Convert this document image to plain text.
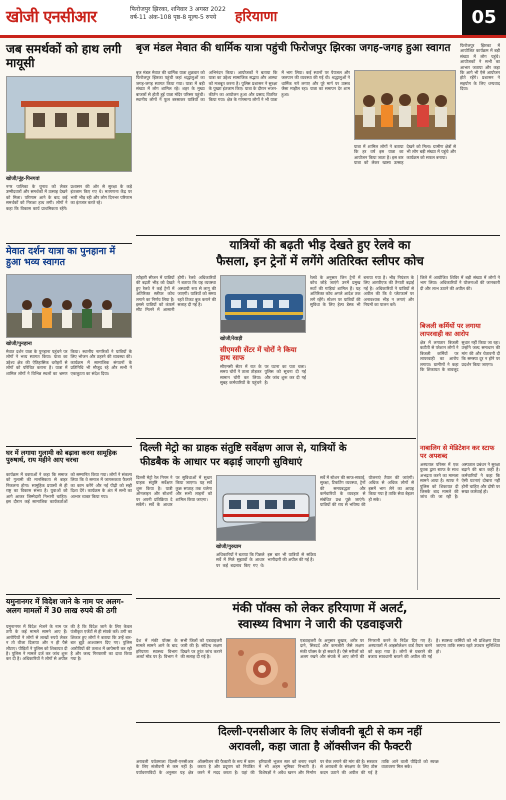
खोजी एनसीआर	फिरोजपुर झिरका, शनिवार 3 अगस्त 2022
वर्ष-11 अंक-108 पृष्ठ-8 मूल्य-5 रुपये	हरियाणा	05
जब समर्थकों को हाथ लगी मायूसी
खोजी/नूंह-पिनगवां
नगर पालिका के चुनाव को लेकर उम्मीदवारों और समर्थकों में उत्साह देखने को मिला। परिणाम आने के बाद कई समर्थकों को निराशा हाथ लगी। लोगों ने कहा कि विकास कार्य प्राथमिकता रहेंगे। प्रशासन की ओर से सुरक्षा के कड़े इंतजाम किए गए थे। मतगणना केंद्र पर भारी भीड़ रही और लोग दिनभर परिणाम का इंतजार करते रहे।
बृज मंडल मेवात की धार्मिक यात्रा पहुंची फिरोजपुर झिरका जगह-जगह हुआ स्वागत
बृज मंडल मेवात की धार्मिक यात्रा शुक्रवार को फिरोजपुर झिरका पहुंची जहां श्रद्धालुओं का जगह-जगह स्वागत किया गया। यात्रा में बड़ी संख्या में लोग शामिल रहे। शहर के मुख्य बाजारों से होती हुई यात्रा मंदिर परिसर पहुंची। स्थानीय लोगों ने फूल बरसाकर यात्रियों का अभिनंदन किया। आयोजकों ने बताया कि यात्रा का उद्देश्य सामाजिक सद्भाव और आस्था को मजबूत करना है। पुलिस प्रशासन ने सुरक्षा के पुख्ता इंतजाम किए। यात्रा के दौरान भजन-कीर्तन का आयोजन हुआ और प्रसाद वितरित किया गया। क्षेत्र के गणमान्य लोगों ने भी यात्रा में भाग लिया। कई स्थानों पर पेयजल और जलपान की व्यवस्था की गई थी। श्रद्धालुओं ने धार्मिक नारे लगाए और पूरे मार्ग पर उत्सव जैसा माहौल रहा। यात्रा का समापन देर शाम हुआ।
यात्रा में शामिल लोगों ने बताया कि हर वर्ष इस यात्रा का आयोजन किया जाता है। इस बार यात्रा को लेकर खासा उत्साह देखने को मिला। ग्रामीण क्षेत्रों से भी लोग बड़ी संख्या में पहुंचे और कार्यक्रम को सफल बनाया।
फिरोजपुर झिरका में आयोजित कार्यक्रम में बड़ी संख्या में लोग पहुंचे। आयोजकों ने सभी का आभार जताया और कहा कि आगे भी ऐसे आयोजन होते रहेंगे। प्रशासन ने सहयोग के लिए धन्यवाद दिया।
मेवात दर्शन यात्रा का पुनहाना में हुआ भव्य स्वागत
खोजी/पुनहाना
मेवात दर्शन यात्रा के पुनहाना पहुंचने पर लोगों ने भव्य स्वागत किया। यात्रा का उद्देश्य क्षेत्र की ऐतिहासिक धरोहरों से लोगों को परिचित कराना है। यात्रा में शामिल लोगों ने विभिन्न स्थलों का भ्रमण किया। स्थानीय नागरिकों ने यात्रियों के लिए भोजन और ठहरने की व्यवस्था की। कार्यक्रम में सामाजिक संगठनों के प्रतिनिधि भी मौजूद रहे और सभी ने एकजुटता का संदेश दिया।
यात्रियों की बढ़ती भीड़ देखते हुए रेलवे का
फैसला, इन ट्रेनों में लगेंगे अतिरिक्त स्लीपर कोच
त्योहारी सीजन में यात्रियों की बढ़ती भीड़ को देखते हुए रेलवे ने कई ट्रेनों में अतिरिक्त स्लीपर कोच लगाने का निर्णय लिया है। इससे यात्रियों को कंफर्म सीट मिलने में आसानी होगी। रेलवे अधिकारियों ने बताया कि यह व्यवस्था अस्थायी रूप से लागू की जाएगी। यात्रियों को समय रहते टिकट बुक कराने की सलाह दी गई है।
खोजी/रेवाड़ी
सीएमसी सेंटर में चोरों ने किया हाथ साफ
सीएमसी सेंटर में रात के समय चोरों ने ताला तोड़कर सामान चोरी कर लिया। सुबह कर्मचारियों के पहुंचने पर घटना का पता चला। पुलिस को सूचना दी गई और जांच शुरू कर दी गई है।
रेलवे के अनुसार जिन ट्रेनों में कोच जोड़े जाएंगे उनमें प्रमुख रूटों की गाड़ियां शामिल हैं। यह अतिरिक्त कोच अगले आदेश तक लगे रहेंगे। स्टेशन पर यात्रियों की सुविधा के लिए हेल्प डेस्क भी बनाया गया है। भीड़ नियंत्रण के लिए आरपीएफ की तैनाती बढ़ाई गई है। अधिकारियों ने यात्रियों से अपील की कि वे प्लेटफार्म पर अनावश्यक भीड़ न लगाएं और नियमों का पालन करें।
जिले में आयोजित शिविर में बड़ी संख्या में लोगों ने भाग लिया। अधिकारियों ने योजनाओं की जानकारी दी और लाभ उठाने की अपील की।
बिजली कर्मियों पर लगाया लापरवाही का आरोप
क्षेत्र में लगातार बिजली कटौती से परेशान लोगों ने बिजली कर्मियों पर लापरवाही का आरोप लगाया। ग्रामीणों ने कहा कि शिकायत के बावजूद सुधार नहीं किया जा रहा। उन्होंने जल्द समाधान की मांग की और चेतावनी दी कि समस्या दूर न होने पर प्रदर्शन किया जाएगा।
नाबालिग से मेडिटेशन कर स्टाफ पर अपशब्द
अस्पताल परिसर में एक युवक द्वारा स्टाफ के साथ अभद्रता करने का मामला सामने आया है। स्टाफ ने पुलिस को शिकायत दी जिसके बाद मामले की जांच की जा रही है। अस्पताल प्रबंधन ने सुरक्षा बढ़ाने की बात कही है। कर्मचारियों ने कहा कि ऐसी घटनाएं दोबारा नहीं होनी चाहिए और दोषी पर सख्त कार्रवाई हो।
दिल्ली मेट्रो का ग्राहक संतुष्टि सर्वेक्षण आज से, यात्रियों के
फीडबैक के आधार पर बढ़ाई जाएगी सुविधाएं
दिल्ली मेट्रो रेल निगम ने ग्राहक संतुष्टि सर्वेक्षण शुरू किया है। यात्री ऑनलाइन और स्टेशनों पर अपनी प्रतिक्रिया दे सकेंगे। सर्वे के आधार पर सुविधाओं में सुधार किया जाएगा। यह सर्वे कुछ सप्ताह तक चलेगा और सभी लाइनों को शामिल किया जाएगा।
खोजी/गुरुग्राम
अधिकारियों ने बताया कि पिछले सर्वे में मिले सुझावों के आधार पर कई बदलाव किए गए थे। इस बार भी यात्रियों से सक्रिय भागीदारी की अपील की गई है।
सर्वे में स्टेशन की साफ-सफाई, सुरक्षा, टिकटिंग व्यवस्था, ट्रेनों की समयबद्धता और कर्मचारियों के व्यवहार से संबंधित प्रश्न पूछे जाएंगे। यात्रियों की राय से भविष्य की योजनाएं तैयार की जाएंगी। अधिक से अधिक लोगों से इसमें भाग लेने का आग्रह किया गया है ताकि सेवा बेहतर हो सके।
घर में लगाया गुलामी को बढ़ावा करना सामूहिक पुरुषार्थ, राय महीने आए चरचा
कार्यक्रम में वक्ताओं ने कहा कि समाज को गुलामी की मानसिकता से बाहर निकलना होगा। सामूहिक प्रयासों से ही राष्ट्र का विकास संभव है। युवाओं को आगे आकर जिम्मेदारी निभानी चाहिए। इस दौरान कई सामाजिक कार्यकर्ताओं को सम्मानित किया गया। लोगों ने संकल्प लिया कि वे समाज में जागरूकता फैलाने का काम करेंगे और नई पीढ़ी को सही दिशा देंगे। कार्यक्रम के अंत में सभी का आभार व्यक्त किया गया।
मंकी पॉक्स को लेकर हरियाणा में अलर्ट,
स्वास्थ्य विभाग ने जारी की एडवाइजरी
देश में मंकी पॉक्स के मामले सामने आने के बाद हरियाणा स्वास्थ्य विभाग अलर्ट मोड पर है। विभाग ने सभी जिलों को एडवाइजरी जारी की है। संदिग्ध लक्षण दिखने पर तुरंत जांच कराने की सलाह दी गई है।
एडवाइजरी के अनुसार बुखार, शरीर पर दाने, सिरदर्द और कमजोरी जैसे लक्षण मंकी पॉक्स के हो सकते हैं। ऐसे मरीजों को अलग रखने और संपर्क में आए लोगों की निगरानी करने के निर्देश दिए गए हैं। अस्पतालों में आइसोलेशन वार्ड तैयार करने को कहा गया है। लोगों से घबराने की बजाय सावधानी बरतने की अपील की गई है। स्वास्थ्य कर्मियों को भी प्रशिक्षण दिया जाएगा ताकि समय रहते उपचार सुनिश्चित हो।
यमुनानगर में विदेश जाने के नाम पर अलग-अलग मामलों में 30 लाख रुपये की ठगी
यमुनानगर में विदेश भेजने के नाम पर ठगी के कई मामले सामने आए हैं। आरोपियों ने लोगों से लाखों रुपये लेकर न तो वीजा दिलाया और न ही पैसे लौटाए। पीड़ितों ने पुलिस को शिकायत दी है। पुलिस ने मामले दर्ज कर जांच शुरू कर दी है। अधिकारियों ने लोगों से अपील की है कि विदेश जाने के लिए केवल पंजीकृत एजेंटों से ही संपर्क करें। ठगी का शिकार हुए लोगों ने बताया कि उन्हें बार-बार झूठे आश्वासन दिए गए। पुलिस आरोपियों की तलाश में छापेमारी कर रही है और जल्द गिरफ्तारी का दावा किया गया है।
दिल्ली-एनसीआर के लिए संजीवनी बूटी से कम नहीं
अरावली, कहा जाता है ऑक्सीजन की फैक्टरी
अरावली पर्वतमाला दिल्ली-एनसीआर के लिए संजीवनी से कम नहीं है। पर्यावरणविदों के अनुसार यह क्षेत्र ऑक्सीजन की फैक्टरी के रूप में काम करता है और प्रदूषण को नियंत्रित करने में मदद करता है। यहां की हरियाली भूजल स्तर को बनाए रखने में भी अहम भूमिका निभाती है। विशेषज्ञों ने अवैध खनन और निर्माण पर रोक लगाने की मांग की है। सरकार से अरावली के संरक्षण के लिए ठोस कदम उठाने की अपील की गई है ताकि आने वाली पीढ़ियों को स्वच्छ वातावरण मिल सके।
